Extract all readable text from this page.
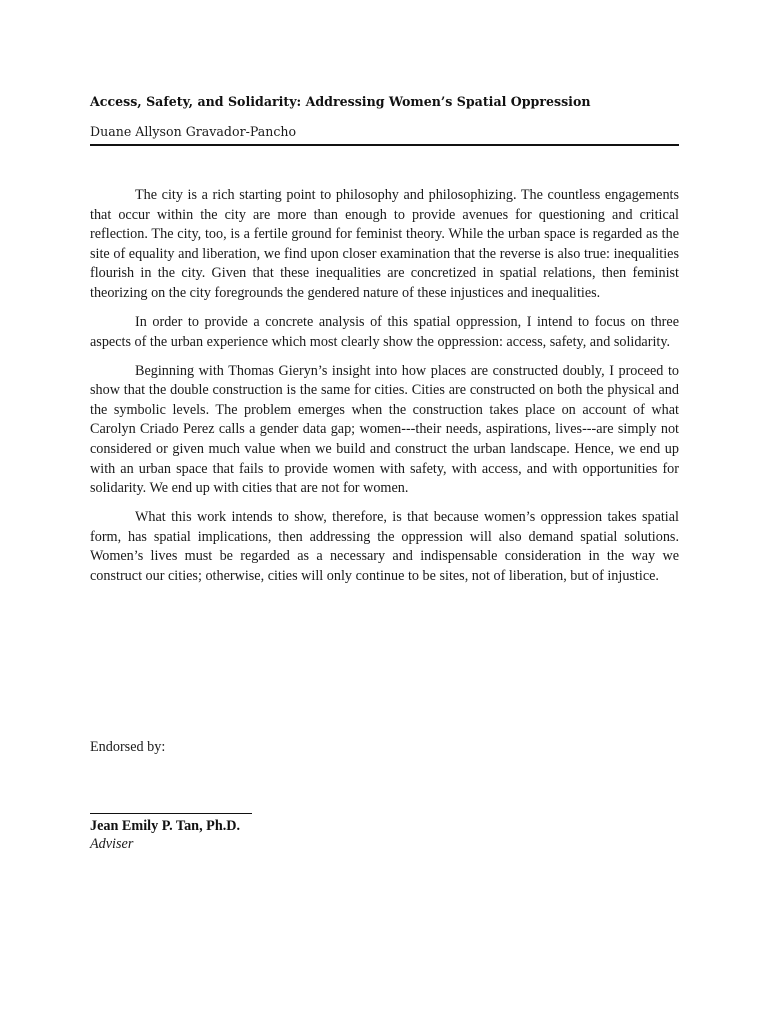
Access, Safety, and Solidarity: Addressing Women’s Spatial Oppression
Duane Allyson Gravador-Pancho

The city is a rich starting point to philosophy and philosophizing. The countless engagements that occur within the city are more than enough to provide avenues for questioning and critical reflection. The city, too, is a fertile ground for feminist theory. While the urban space is regarded as the site of equality and liberation, we find upon closer examination that the reverse is also true: inequalities flourish in the city. Given that these inequalities are concretized in spatial relations, then feminist theorizing on the city foregrounds the gendered nature of these injustices and inequalities.

In order to provide a concrete analysis of this spatial oppression, I intend to focus on three aspects of the urban experience which most clearly show the oppression: access, safety, and solidarity.

Beginning with Thomas Gieryn’s insight into how places are constructed doubly, I proceed to show that the double construction is the same for cities. Cities are constructed on both the physical and the symbolic levels. The problem emerges when the construction takes place on account of what Carolyn Criado Perez calls a gender data gap; women---their needs, aspirations, lives---are simply not considered or given much value when we build and construct the urban landscape. Hence, we end up with an urban space that fails to provide women with safety, with access, and with opportunities for solidarity. We end up with cities that are not for women.

What this work intends to show, therefore, is that because women’s oppression takes spatial form, has spatial implications, then addressing the oppression will also demand spatial solutions. Women’s lives must be regarded as a necessary and indispensable consideration in the way we construct our cities; otherwise, cities will only continue to be sites, not of liberation, but of injustice.

Endorsed by:
Jean Emily P. Tan, Ph.D.
Adviser
